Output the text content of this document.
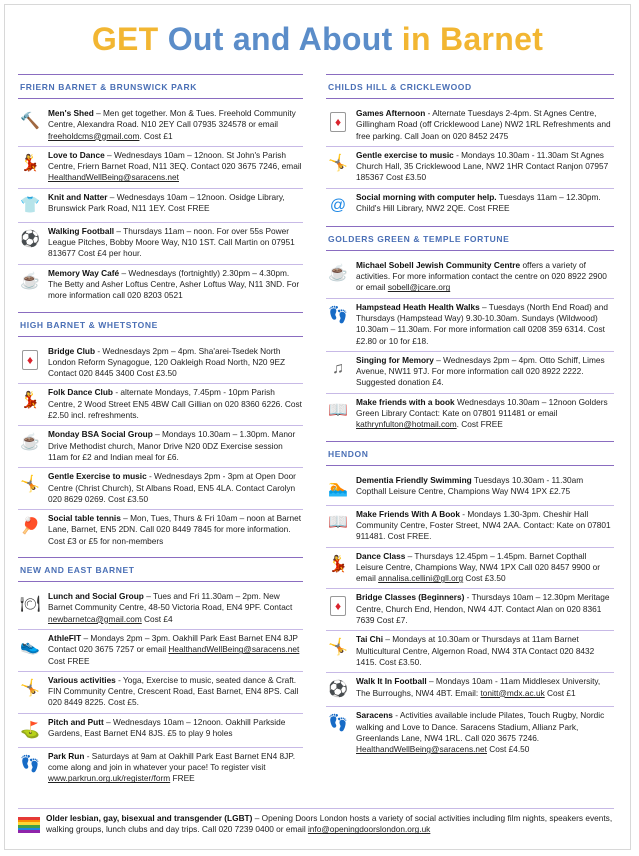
GET Out and About in Barnet
FRIERN BARNET & BRUNSWICK PARK
🔨 Men's Shed – Men get together. Mon & Tues. Freehold Community Centre, Alexandra Road. N10 2EY Call 07935 324578 or email freeholdcms@gmail.com. Cost £1
💃 Love to Dance – Wednesdays 10am – 12noon. St John's Parish Centre, Friern Barnet Road, N11 3EQ. Contact 020 3675 7246, email HealthandWellBeing@saracens.net
👕 Knit and Natter – Wednesdays 10am – 12noon. Osidge Library, Brunswick Park Road, N11 1EY. Cost FREE
⚽ Walking Football – Thursdays 11am – noon. For over 55s Power League Pitches, Bobby Moore Way, N10 1ST. Call Martin on 07951 813677 Cost £4 per hour.
☕ Memory Way Café – Wednesdays (fortnightly) 2.30pm – 4.30pm. The Betty and Asher Loftus Centre, Asher Loftus Way, N11 3ND. For more information call 020 8203 0521
HIGH BARNET & WHETSTONE
♦
Bridge Club - Wednesdays 2pm – 4pm. Sha'arei-Tsedek North London Reform Synagogue, 120 Oakleigh Road North, N20 9EZ Contact 020 8445 3400 Cost £3.50
💃 Folk Dance Club - alternate Mondays, 7.45pm - 10pm Parish Centre, 2 Wood Street EN5 4BW Call Gillian on 020 8360 6226. Cost £2.50 incl. refreshments.
☕ Monday BSA Social Group – Mondays 10.30am – 1.30pm. Manor Drive Methodist church, Manor Drive N20 0DZ Exercise session 11am for £2 and Indian meal for £6.
🤸 Gentle Exercise to music - Wednesdays 2pm - 3pm at Open Door Centre (Christ Church), St Albans Road, EN5 4LA. Contact Carolyn 020 8629 0269. Cost £3.50
🏓 Social table tennis – Mon, Tues, Thurs & Fri 10am – noon at Barnet Lane, Barnet, EN5 2DN. Call 020 8449 7845 for more information. Cost £3 or £5 for non-members
NEW AND EAST BARNET
🍽 Lunch and Social Group – Tues and Fri 11.30am – 2pm. New Barnet Community Centre, 48-50 Victoria Road, EN4 9PF. Contact newbarnetca@gmail.com Cost £4
👟 AthleFIT – Mondays 2pm – 3pm. Oakhill Park East Barnet EN4 8JP Contact 020 3675 7257 or email HealthandWellBeing@saracens.net Cost FREE
🤸 Various activities - Yoga, Exercise to music, seated dance & Craft. FIN Community Centre, Crescent Road, East Barnet, EN4 8PS. Call 020 8449 8225. Cost £5.
⛳ Pitch and Putt – Wednesdays 10am – 12noon. Oakhill Parkside Gardens, East Barnet EN4 8JS. £5 to play 9 holes
👣 Park Run - Saturdays at 9am at Oakhill Park East Barnet EN4 8JP. come along and join in whatever your pace! To register visit www.parkrun.org.uk/register/form FREE
CHILDS HILL & CRICKLEWOOD
♦
Games Afternoon - Alternate Tuesdays 2-4pm. St Agnes Centre, Gillingham Road (off Cricklewood Lane) NW2 1RL Refreshments and free parking. Call Joan on 020 8452 2475
🤸 Gentle exercise to music - Mondays 10.30am - 11.30am St Agnes Church Hall, 35 Cricklewood Lane, NW2 1HR Contact Ranjon 07957 185367 Cost £3.50
@	Social morning with computer help. Tuesdays 11am – 12.30pm. Child's Hill Library, NW2 2QE. Cost FREE
GOLDERS GREEN & TEMPLE FORTUNE
☕ Michael Sobell Jewish Community Centre offers a variety of activities. For more information contact the centre on 020 8922 2900 or email sobell@jcare.org
👣 Hampstead Heath Health Walks – Tuesdays (North End Road) and Thursdays (Hampstead Way) 9.30-10.30am. Sundays (Wildwood) 10.30am – 11.30am. For more information call 0208 359 6314. Cost £2.80 or 10 for £18.
♫	Singing for Memory – Wednesdays 2pm – 4pm. Otto Schiff, Limes Avenue, NW11 9TJ. For more information call 020 8922 2222. Suggested donation £4.
📖 Make friends with a book Wednesdays 10.30am – 12noon Golders Green Library Contact: Kate on 07801 911481 or email kathrynfulton@hotmail.com. Cost FREE
HENDON
🏊 Dementia Friendly Swimming Tuesdays 10.30am - 11.30am Copthall Leisure Centre, Champions Way NW4 1PX £2.75
📖 Make Friends With A Book - Mondays 1.30-3pm. Cheshir Hall Community Centre, Foster Street, NW4 2AA. Contact: Kate on 07801 911481. Cost FREE.
💃 Dance Class – Thursdays 12.45pm – 1.45pm. Barnet Copthall Leisure Centre, Champions Way, NW4 1PX Call 020 8457 9900 or email annalisa.cellini@gll.org Cost £3.50
♦
Bridge Classes (Beginners) - Thursdays 10am – 12.30pm Meritage Centre, Church End, Hendon, NW4 4JT. Contact Alan on 020 8361 7639 Cost £7.
🤸 Tai Chi – Mondays at 10.30am or Thursdays at 11am Barnet Multicultural Centre, Algernon Road, NW4 3TA Contact 020 8432 1415. Cost £3.50.
⚽ Walk It In Football – Mondays 10am - 11am Middlesex University, The Burroughs, NW4 4BT. Email: tonitt@mdx.ac.uk Cost £1
👣 Saracens - Activities available include Pilates, Touch Rugby, Nordic walking and Love to Dance. Saracens Stadium, Allianz Park, Greenlands Lane, NW4 1RL. Call 020 3675 7246. HealthandWellBeing@saracens.net Cost £4.50
Older lesbian, gay, bisexual and transgender (LGBT) – Opening Doors London hosts a variety of social activities including film nights, speakers events, walking groups, lunch clubs and day trips. Call 020 7239 0400 or email info@openingdoorslondon.org.uk
